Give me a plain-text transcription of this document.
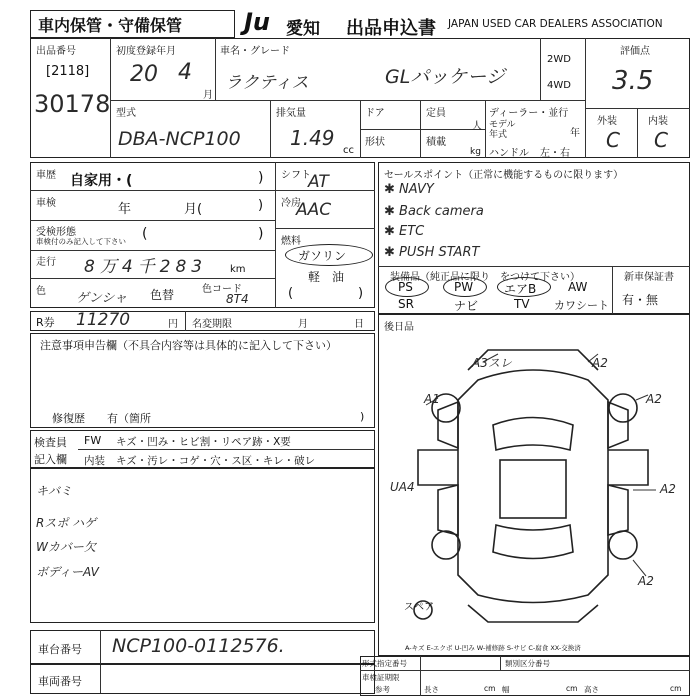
車内保管・守備保管	Ju 愛知 出品申込書 JAPAN USED CAR DEALERS ASSOCIATION
出品番号
[2118]
30178
初度登録年月
20 4
月
車名・グレード
ラクティス	GLパッケージ
2WD
4WD
評価点
3.5
外装	内装
C C
型式
DBA-NCP100
排気量
1.49
cc
ドア	定員
人
形状	積載
kg
ディーラー・並行
モデル
年式	年
ハンドル 左・右
車歴 自家用・(	)
車検	年	月(	)
受検形態
車検付のみ記入して下さい (	)
走行 8万4千283 km
色 ゲンシャ 色替	色コード
8T4
シフト
AT
冷房
AAC
燃料
ガソリン
軽　油
(	)
セールスポイント（正常に機能するものに限ります）
✱ NAVY
✱ Back camera
✱ ETC
✱ PUSH START
装備品（純正品に限り　をつけて下さい）
PS	PW	エアB	AW
SR	ナビ	TV カワシート
新車保証書
有・無
R券 11270	円 名変期限	月	日 後日品
注意事項申告欄（不具合内容等は具体的に記入して下さい）
修復歴　　有（箇所	)
検査員
記入欄
FW キズ・凹み・ヒビ割・リペア跡・X要
内装 キズ・汚レ・コゲ・穴・ス区・キレ・破レ
キバミ
Rスポ ハゲ
Wカバー欠
ボディーAV
A3スレ	A2
A1	A2
UA4	A2
A2
スペア
A-キズ E-エクボ U-凹み W-補修跡 S-サビ C-腐食 XX-交換済
車台番号 NCP100-0112576.
車両番号
形式指定番号	類別区分番号
車検証期限
参考	長さ	cm 幅	cm 高さ	cm
